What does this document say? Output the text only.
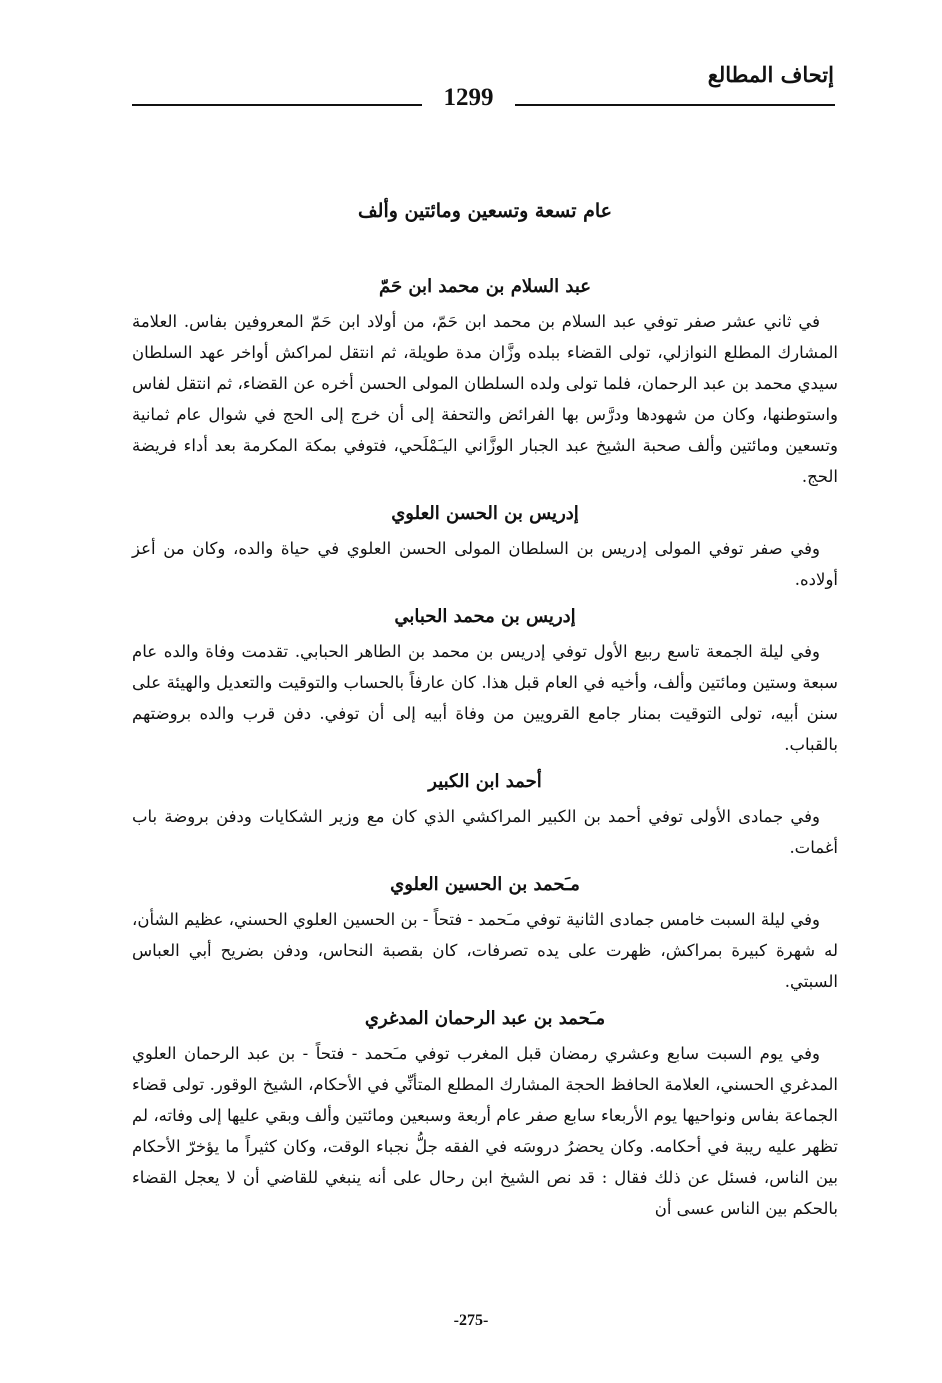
إتحاف المطالع
1299
عام تسعة وتسعين ومائتين وألف
عبد السلام بن محمد ابن حَمّ

في ثاني عشر صفر توفي عبد السلام بن محمد ابن حَمّ، من أولاد ابن حَمّ المعروفين بفاس. العلامة المشارك المطلع النوازلي، تولى القضاء ببلده وزَّان مدة طويلة، ثم انتقل لمراكش أواخر عهد السلطان سيدي محمد بن عبد الرحمان، فلما تولى ولده السلطان المولى الحسن أخره عن القضاء، ثم انتقل لفاس واستوطنها، وكان من شهودها ودرَّس بها الفرائض والتحفة إلى أن خرج إلى الحج في شوال عام ثمانية وتسعين ومائتين وألف صحبة الشيخ عبد الجبار الوزَّاني اليـَمْلَحي، فتوفي بمكة المكرمة بعد أداء فريضة الحج.

إدريس بن الحسن العلوي

وفي صفر توفي المولى إدريس بن السلطان المولى الحسن العلوي في حياة والده، وكان من أعز أولاده.

إدريس بن محمد الحبابي

وفي ليلة الجمعة تاسع ربيع الأول توفي إدريس بن محمد بن الطاهر الحبابي. تقدمت وفاة والده عام سبعة وستين ومائتين وألف، وأخيه في العام قبل هذا. كان عارفاً بالحساب والتوقيت والتعديل والهيئة على سنن أبيه، تولى التوقيت بمنار جامع القرويين من وفاة أبيه إلى أن توفي. دفن قرب والده بروضتهم بالقباب.

أحمد ابن الكبير

وفي جمادى الأولى توفي أحمد بن الكبير المراكشي الذي كان مع وزير الشكايات ودفن بروضة باب أغمات.

مـَحمد بن الحسين العلوي

وفي ليلة السبت خامس جمادى الثانية توفي مـَحمد - فتحاً - بن الحسين العلوي الحسني، عظيم الشأن، له شهرة كبيرة بمراكش، ظهرت على يده تصرفات، كان بقصبة النحاس، ودفن بضريح أبي العباس السبتي.

مـَحمد بن عبد الرحمان المدغري

وفي يوم السبت سابع وعشري رمضان قبل المغرب توفي مـَحمد - فتحاً - بن عبد الرحمان العلوي المدغري الحسني، العلامة الحافظ الحجة المشارك المطلع المتأنِّي في الأحكام، الشيخ الوقور. تولى قضاء الجماعة بفاس ونواحيها يوم الأربعاء سابع صفر عام أربعة وسبعين ومائتين وألف وبقي عليها إلى وفاته، لم تظهر عليه ريبة في أحكامه. وكان يحضرُ دروسَه في الفقه جلُّ نجباء الوقت، وكان كثيراً ما يؤخرّ الأحكام بين الناس، فسئل عن ذلك فقال : قد نص الشيخ ابن رحال على أنه ينبغي للقاضي أن لا يعجل القضاء بالحكم بين الناس عسى أن

-275-
